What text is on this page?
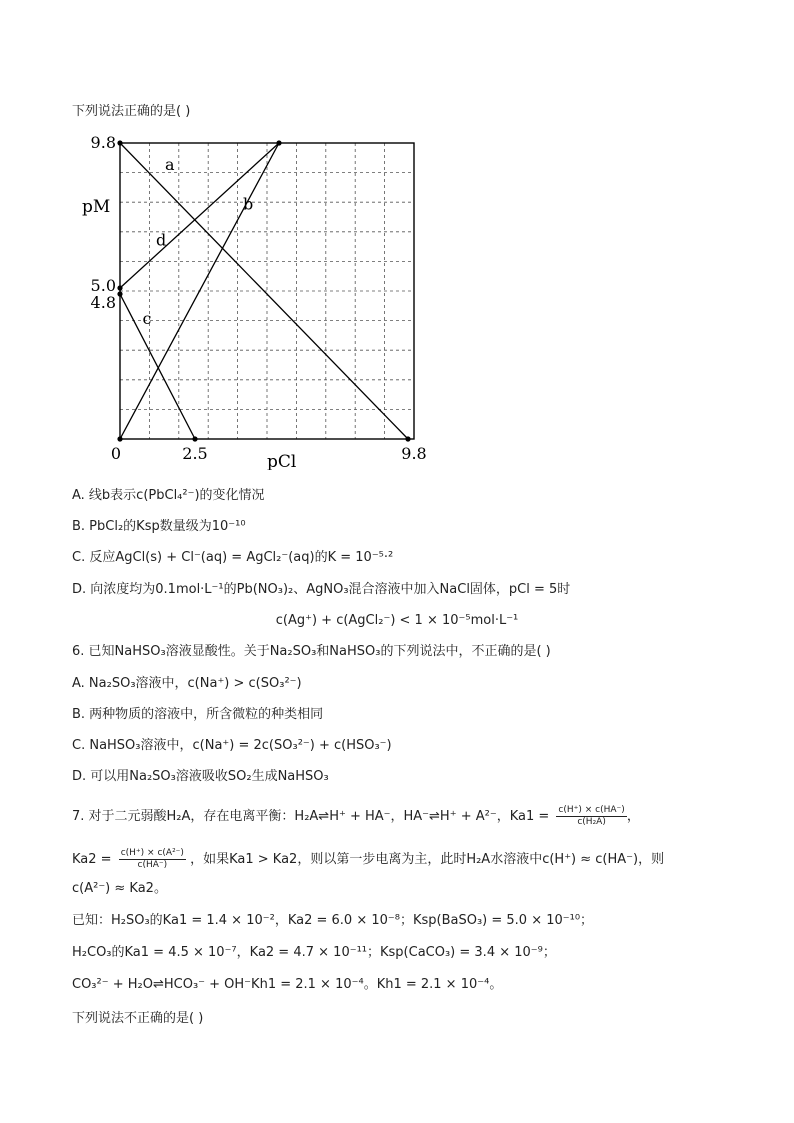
下列说法正确的是( )
a
b
c
d
9.8
5.0
4.8
0	2.5	9.8
pM
pCl
A. 线b表示c(PbCl₄²⁻)的变化情况
B. PbCl₂的Ksp数量级为10⁻¹⁰
C. 反应AgCl(s) + Cl⁻(aq) = AgCl₂⁻(aq)的K = 10⁻⁵·²
D. 向浓度均为0.1mol·L⁻¹的Pb(NO₃)₂、AgNO₃混合溶液中加入NaCl固体，pCl = 5时
c(Ag⁺) + c(AgCl₂⁻) < 1 × 10⁻⁵mol·L⁻¹
6. 已知NaHSO₃溶液显酸性。关于Na₂SO₃和NaHSO₃的下列说法中，不正确的是( )
A. Na₂SO₃溶液中，c(Na⁺) > c(SO₃²⁻)
B. 两种物质的溶液中，所含微粒的种类相同
C. NaHSO₃溶液中，c(Na⁺) = 2c(SO₃²⁻) + c(HSO₃⁻)
D. 可以用Na₂SO₃溶液吸收SO₂生成NaHSO₃
7. 对于二元弱酸H₂A，存在电离平衡：H₂A⇌H⁺ + HA⁻，HA⁻⇌H⁺ + A²⁻，$Ka1 = \frac{c(H^+) \times c(HA^-)}{\text{c(H₂A)}}$ ，
$Ka2 = \frac{\text{c(H⁺) × c(A²⁻)}}{c(HA^-)}$ ，如果Ka1 > Ka2，则以第一步电离为主，此时H₂A水溶液中c(H⁺) ≈ c(HA⁻)，则
c(A²⁻) ≈ Ka2。
已知：H₂SO₃的Ka1 = 1.4 × 10⁻²，Ka2 = 6.0 × 10⁻⁸；Ksp(BaSO₃) = 5.0 × 10⁻¹⁰；
H₂CO₃的Ka1 = 4.5 × 10⁻⁷，Ka2 = 4.7 × 10⁻¹¹；Ksp(CaCO₃) = 3.4 × 10⁻⁹；
CO₃²⁻ + H₂O⇌HCO₃⁻ + OH⁻Kh1 = 2.1 × 10⁻⁴。Kh1 = 2.1 × 10⁻⁴。
下列说法不正确的是( )
